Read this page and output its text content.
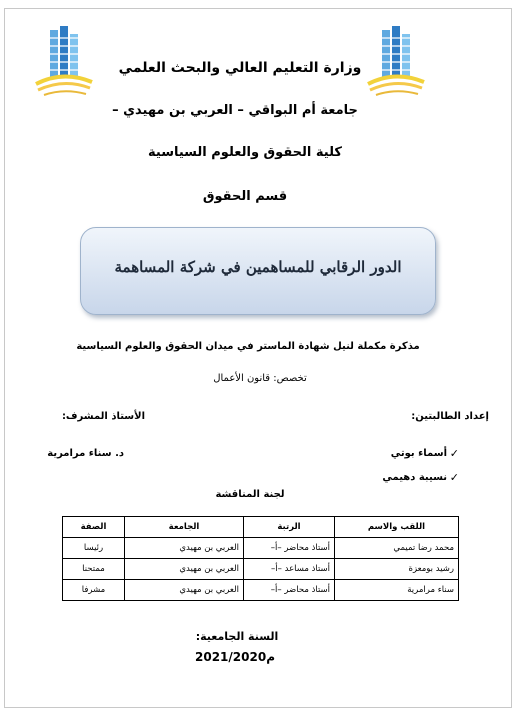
وزارة التعليم العالي والبحث العلمي
جامعة أم البواقي – العربي بن مهيدي –
كلية الحقوق والعلوم السياسية
قسم الحقوق
الدور الرقابي للمساهمين في شركة المساهمة
مذكرة مكملة لنيل شهادة الماستر في ميدان الحقوق والعلوم السياسية
تخصص: قانون الأعمال
إعداد الطالبتين:
الأستاذ المشرف:
د. سناء مرامرية	✓
أسماء بوتي
✓
نسيبة دهيمي
لجنة المناقشة
اللقب والاسم	الرتبة	الجامعة	الصفة
محمد رضا تميمي	أستاذ محاضر –أ–	العربي بن مهيدي	رئيسا
رشيد بومعزة	أستاذ مساعد –أ–	العربي بن مهيدي	ممتحنا
سناء مرامرية	أستاذ محاضر –أ–	العربي بن مهيدي	مشرفا
السنة الجامعية:
2021/2020م
